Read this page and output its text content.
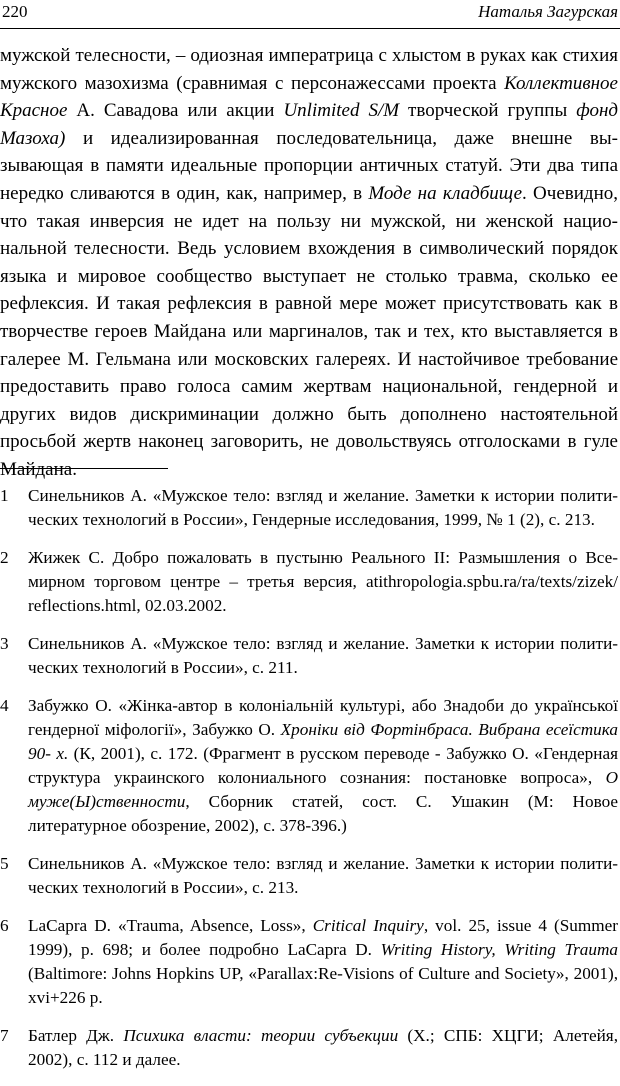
220	Наталья Загурская

мужской телесности, – одиозная императрица с хлыстом в руках как стихия мужского мазохизма (сравнимая с персонажессами проекта Коллективное Красное А. Савадова или акции Unlimited S/M творческой группы фонд Мазоха) и идеализированная последовательница, даже внешне вызывающая в памяти идеальные пропорции античных статуй. Эти два типа нередко сливаются в один, как, например, в Моде на кладбище. Очевидно, что такая инверсия не идет на пользу ни мужской, ни женской национальной телесности. Ведь условием вхождения в символический порядок языка и мировое сообщество выступает не столько травма, сколько ее рефлексия. И такая рефлексия в равной мере может присутствовать как в творчестве героев Майдана или маргиналов, так и тех, кто выставляется в галерее М. Гельмана или московских галереях. И настойчивое требование предоставить право голоса самим жертвам национальной, гендерной и других видов дискриминации должно быть дополнено настоятельной просьбой жертв наконец заговорить, не довольствуясь отголосками в гуле Майдана.

1 Синельников А. «Мужское тело: взгляд и желание. Заметки к истории политических технологий в России», Гендерные исследования, 1999, № 1 (2), с. 213.
2 Жижек С. Добро пожаловать в пустыню Реального II: Размышления о Всемирном торговом центре – третья версия, atithropologia.spbu.ra/ra/texts/zizek/ reflections.html, 02.03.2002.
3 Синельников А. «Мужское тело: взгляд и желание. Заметки к истории политических технологий в России», с. 211.
4 Забужко О. «Жiнка-автор в колонiальнiй культурi, або Знадоби до української гендерної мiфологiї», Забужко О. Хронiки вiд Фортiнбраса. Вибрана есеїстика 90- х. (К, 2001), с. 172. (Фрагмент в русском переводе - Забужко О. «Гендерная структура украинского колониального сознания: постановке вопроса», О муже(Ы)ственности, Сборник статей, сост. С. Ушакин (М: Новое литературное обозрение, 2002), с. 378-396.)
5 Синельников А. «Мужское тело: взгляд и желание. Заметки к истории политических технологий в России», с. 213.
6 LaCapra D. «Trauma, Absence, Loss», Critical Inquiry, vol. 25, issue 4 (Summer 1999), p. 698; и более подробно LaCapra D. Writing History, Writing Trauma (Baltimore: Johns Hopkins UP, «Parallax:Re-Visions of Culture and Society», 2001), xvi+226 p.
7 Батлер Дж. Психика власти: теории субъекции (Х.; СПБ: ХЦГИ; Алетейя, 2002), с. 112 и далее.
